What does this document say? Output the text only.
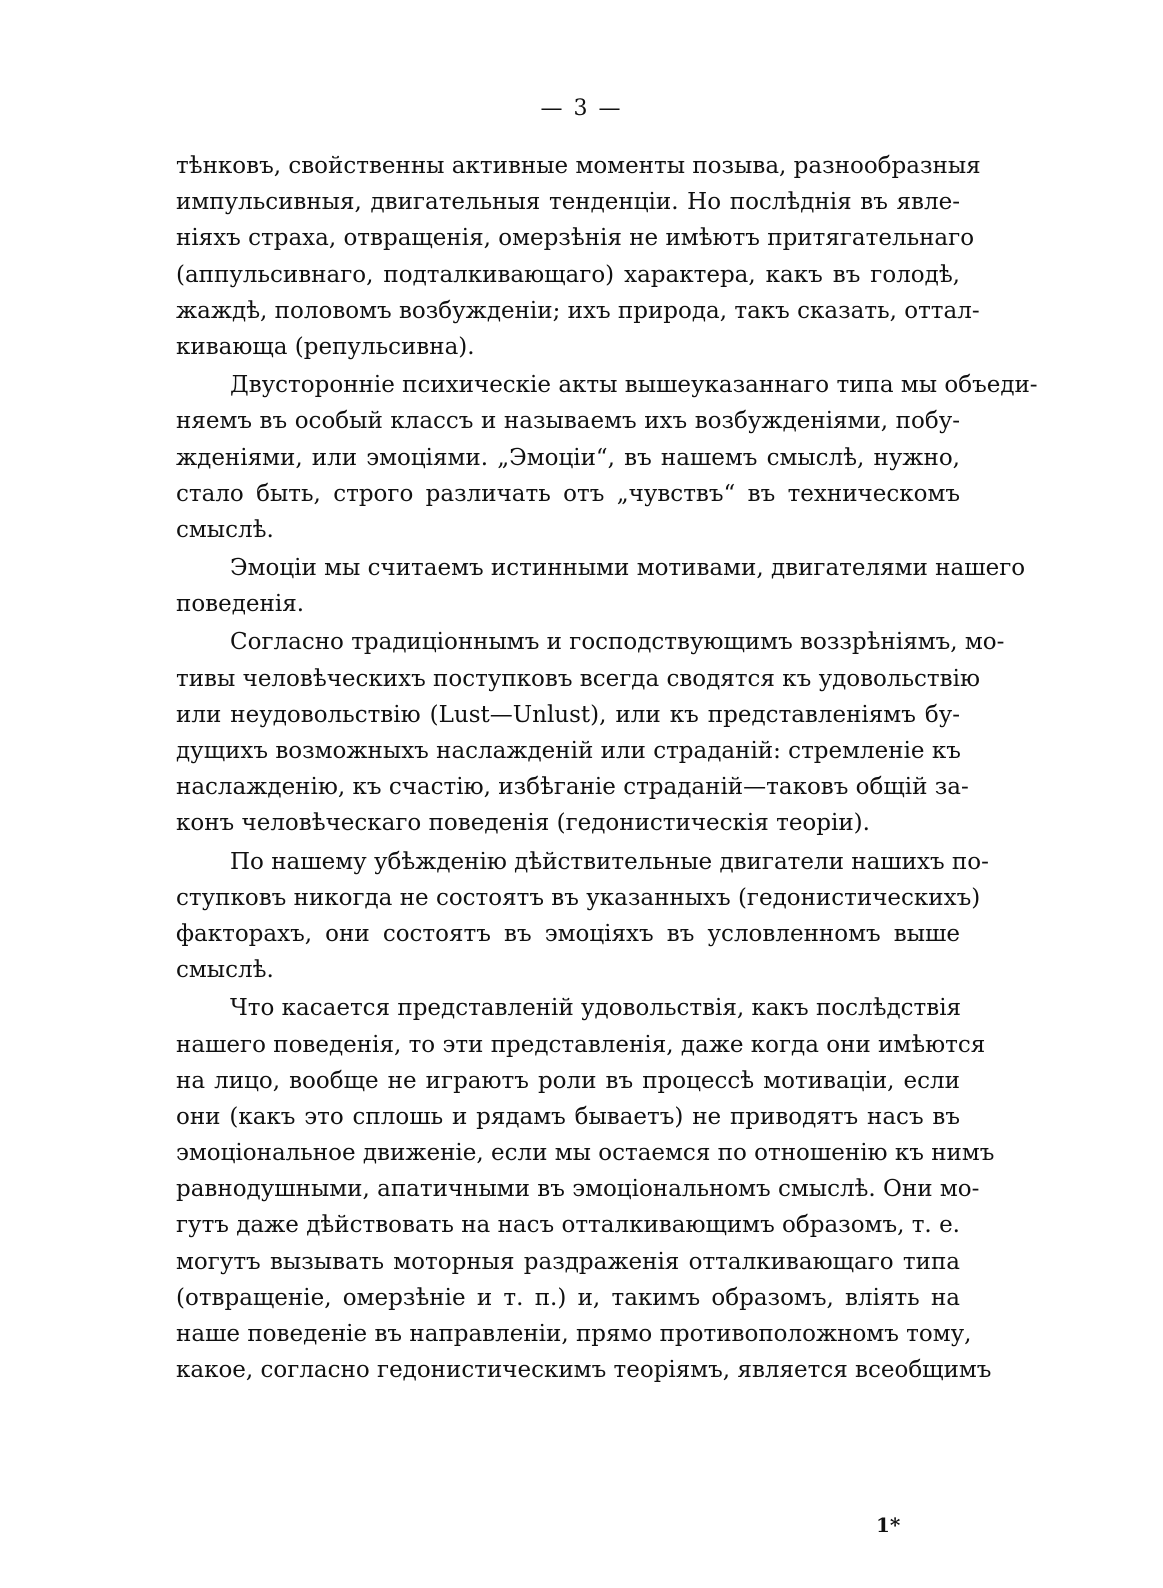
— 3 —
тѣнковъ, свойственны активные моменты позыва, разнообразныя
импульсивныя, двигательныя тенденціи. Но послѣднія въ явле-
ніяхъ страха, отвращенія, омерзѣнія не имѣютъ притягательнаго
(аппульсивнаго, подталкивающаго) характера, какъ въ голодѣ,
жаждѣ, половомъ возбужденіи; ихъ природа, такъ сказать, оттал-
кивающа (репульсивна).
Двусторонніе психическіе акты вышеуказаннаго типа мы объеди-
няемъ въ особый классъ и называемъ ихъ возбужденіями, побу-
жденіями, или эмоціями. „Эмоціи“, въ нашемъ смыслѣ, нужно,
стало быть, строго различать отъ „чувствъ“ въ техническомъ
смыслѣ.
Эмоціи мы считаемъ истинными мотивами, двигателями нашего
поведенія.
Согласно традиціоннымъ и господствующимъ воззрѣніямъ, мо-
тивы человѣческихъ поступковъ всегда сводятся къ удовольствію
или неудовольствію (Lust—Unlust), или къ представленіямъ бу-
дущихъ возможныхъ наслажденій или страданій: стремленіе къ
наслажденію, къ счастію, избѣганіе страданій—таковъ общій за-
конъ человѣческаго поведенія (гедонистическія теоріи).
По нашему убѣжденію дѣйствительные двигатели нашихъ по-
ступковъ никогда не состоятъ въ указанныхъ (гедонистическихъ)
факторахъ, они состоятъ въ эмоціяхъ въ условленномъ выше
смыслѣ.
Что касается представленій удовольствія, какъ послѣдствія
нашего поведенія, то эти представленія, даже когда они имѣются
на лицо, вообще не играютъ роли въ процессѣ мотиваціи, если
они (какъ это сплошь и рядамъ бываетъ) не приводятъ насъ въ
эмоціональное движеніе, если мы остаемся по отношенію къ нимъ
равнодушными, апатичными въ эмоціональномъ смыслѣ. Они мо-
гутъ даже дѣйствовать на насъ отталкивающимъ образомъ, т. е.
могутъ вызывать моторныя раздраженія отталкивающаго типа
(отвращеніе, омерзѣніе и т. п.) и, такимъ образомъ, влiять на
наше поведеніе въ направленіи, прямо противоположномъ тому,
какое, согласно гедонистическимъ теоріямъ, является всеобщимъ
1*
